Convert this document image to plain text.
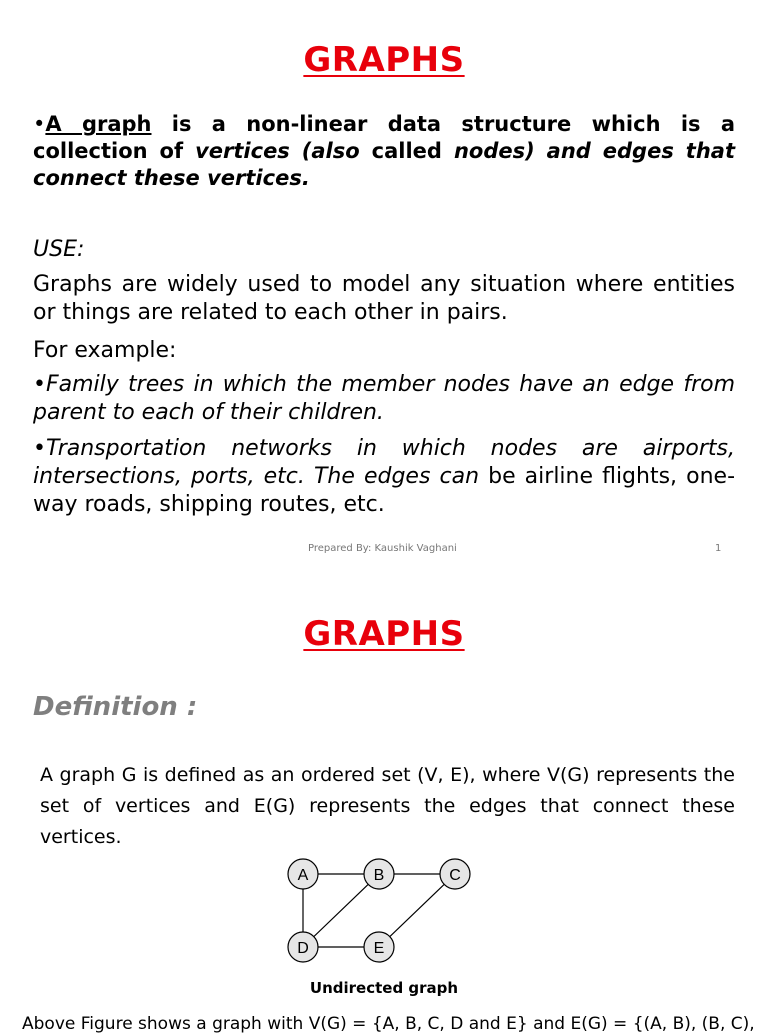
GRAPHS
•A graph is a non-linear data structure which is a collection of vertices (also called nodes) and edges that connect these vertices.
USE:
Graphs are widely used to model any situation where entities or things are related to each other in pairs.
For example:
•Family trees in which the member nodes have an edge from parent to each of their children.
•Transportation networks in which nodes are airports, intersections, ports, etc. The edges can be airline flights, one-way roads, shipping routes, etc.
Prepared By: Kaushik Vaghani	1
GRAPHS
Definition :
A graph G is defined as an ordered set (V, E), where V(G) represents the set of vertices and E(G) represents the edges that connect these vertices.
A	B	C
D	E
Undirected graph
Above Figure shows a graph with V(G) = {A, B, C, D and E} and E(G) = {(A, B), (B, C),
